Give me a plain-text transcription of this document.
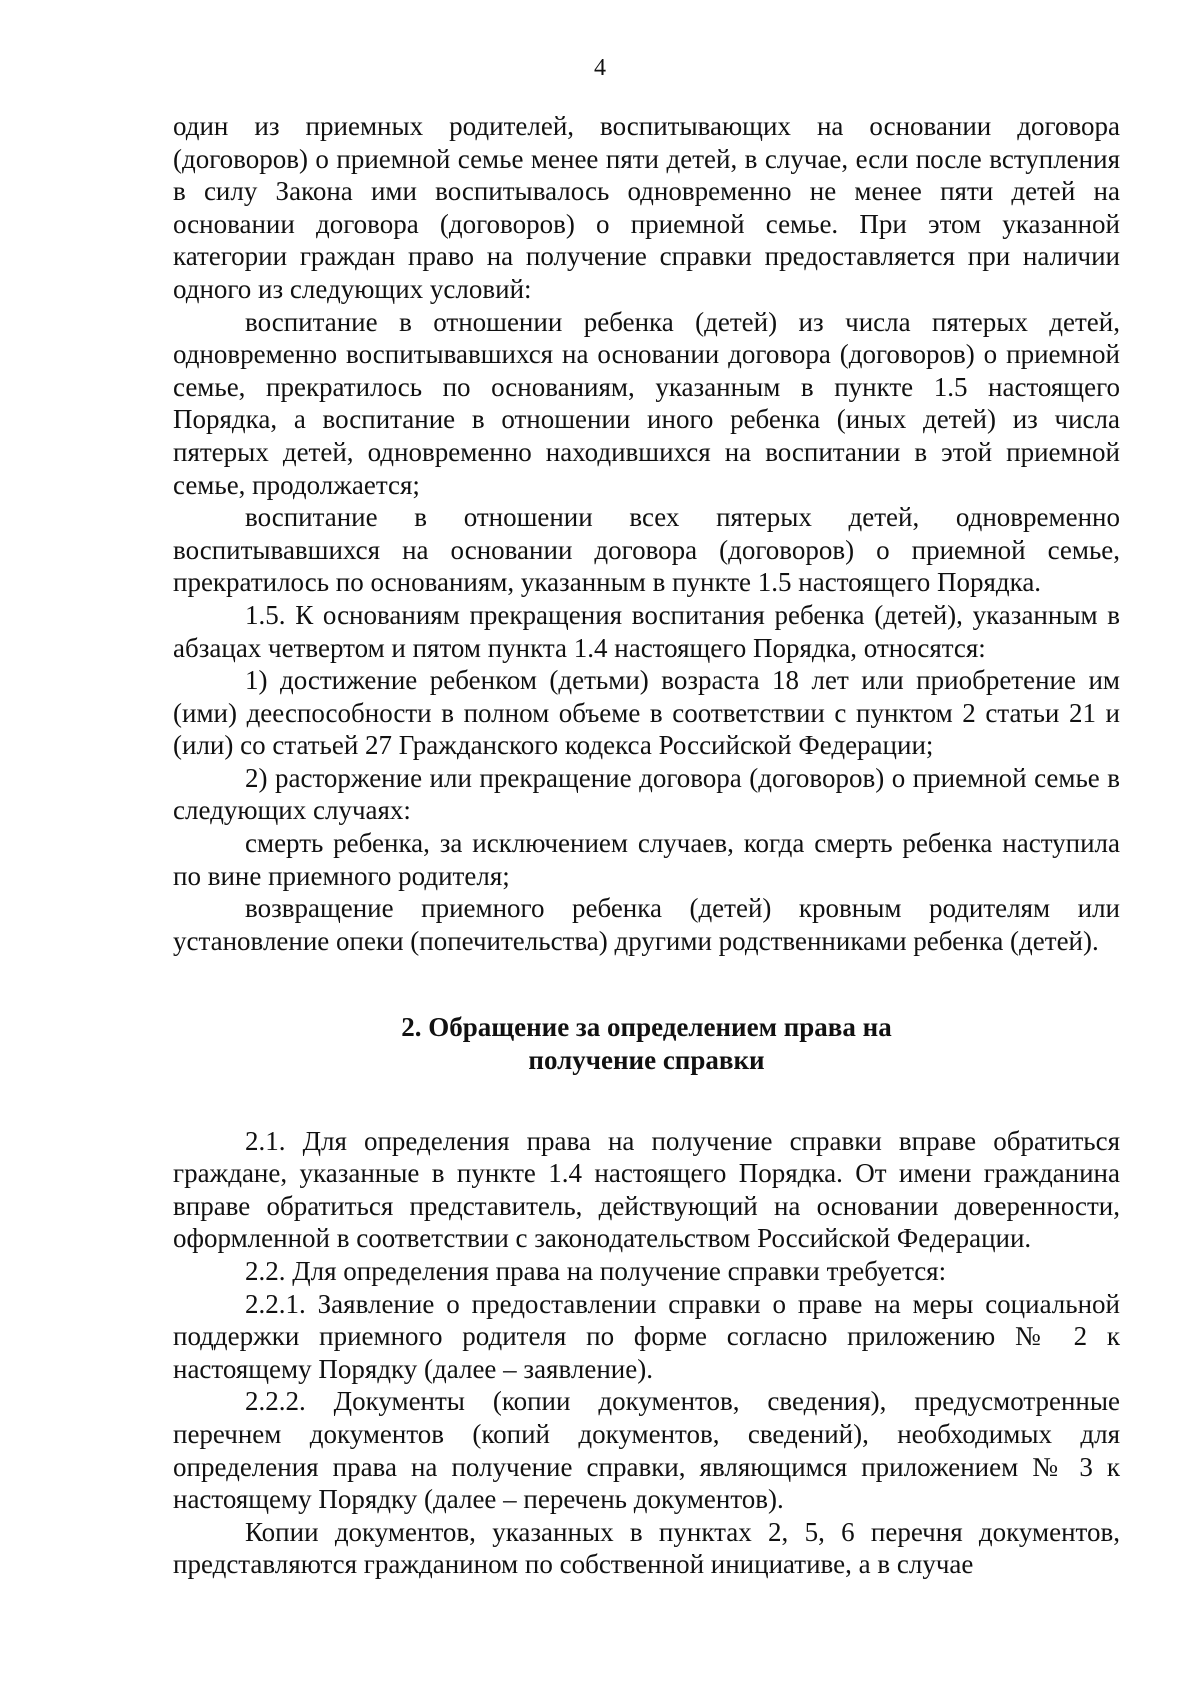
4

один из приемных родителей, воспитывающих на основании договора (договоров) о приемной семье менее пяти детей, в случае, если после вступления в силу Закона ими воспитывалось одновременно не менее пяти детей на основании договора (договоров) о приемной семье. При этом указанной категории граждан право на получение справки предоставляется при наличии одного из следующих условий:

воспитание в отношении ребенка (детей) из числа пятерых детей, одновременно воспитывавшихся на основании договора (договоров) о приемной семье, прекратилось по основаниям, указанным в пункте 1.5 настоящего Порядка, а воспитание в отношении иного ребенка (иных детей) из числа пятерых детей, одновременно находившихся на воспитании в этой приемной семье, продолжается;

воспитание в отношении всех пятерых детей, одновременно воспитывавшихся на основании договора (договоров) о приемной семье, прекратилось по основаниям, указанным в пункте 1.5 настоящего Порядка.

1.5. К основаниям прекращения воспитания ребенка (детей), указанным в абзацах четвертом и пятом пункта 1.4 настоящего Порядка, относятся:

1) достижение ребенком (детьми) возраста 18 лет или приобретение им (ими) дееспособности в полном объеме в соответствии с пунктом 2 статьи 21 и (или) со статьей 27 Гражданского кодекса Российской Федерации;

2) расторжение или прекращение договора (договоров) о приемной семье в следующих случаях:

смерть ребенка, за исключением случаев, когда смерть ребенка наступила по вине приемного родителя;

возвращение приемного ребенка (детей) кровным родителям или установление опеки (попечительства) другими родственниками ребенка (детей).

2. Обращение за определением права на
получение справки

2.1. Для определения права на получение справки вправе обратиться граждане, указанные в пункте 1.4 настоящего Порядка. От имени гражданина вправе обратиться представитель, действующий на основании доверенности, оформленной в соответствии с законодательством Российской Федерации.

2.2. Для определения права на получение справки требуется:

2.2.1. Заявление о предоставлении справки о праве на меры социальной поддержки приемного родителя по форме согласно приложению № 2 к настоящему Порядку (далее – заявление).

2.2.2. Документы (копии документов, сведения), предусмотренные перечнем документов (копий документов, сведений), необходимых для определения права на получение справки, являющимся приложением № 3 к настоящему Порядку (далее – перечень документов).

Копии документов, указанных в пунктах 2, 5, 6 перечня документов, представляются гражданином по собственной инициативе, а в случае
